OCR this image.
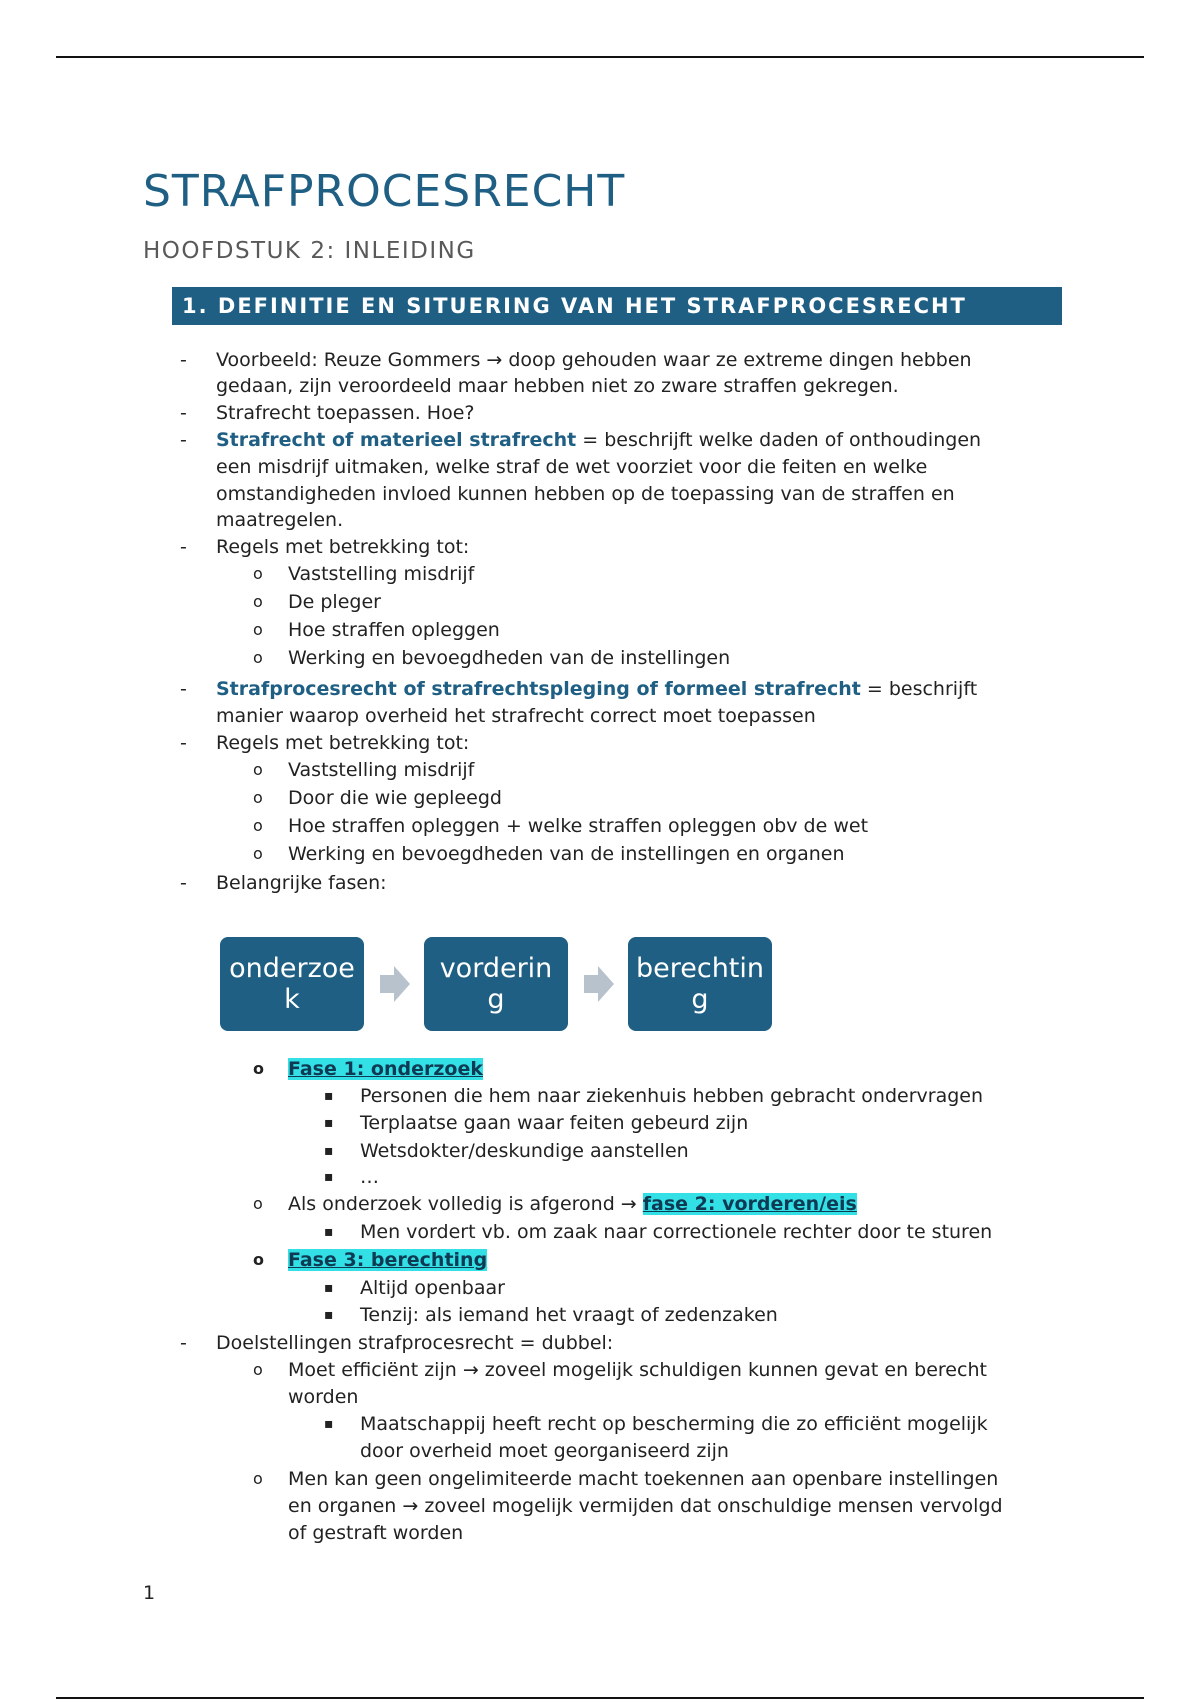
STRAFPROCESRECHT
HOOFDSTUK 2: INLEIDING
1. DEFINITIE EN SITUERING VAN HET STRAFPROCESRECHT
- Voorbeeld: Reuze Gommers → doop gehouden waar ze extreme dingen hebben
gedaan, zijn veroordeeld maar hebben niet zo zware straffen gekregen.
- Strafrecht toepassen. Hoe?
- Strafrecht of materieel strafrecht = beschrijft welke daden of onthoudingen
een misdrijf uitmaken, welke straf de wet voorziet voor die feiten en welke
omstandigheden invloed kunnen hebben op de toepassing van de straffen en
maatregelen.
- Regels met betrekking tot:
o Vaststelling misdrijf
o De pleger
o Hoe straffen opleggen
o Werking en bevoegdheden van de instellingen
- Strafprocesrecht of strafrechtspleging of formeel strafrecht = beschrijft
manier waarop overheid het strafrecht correct moet toepassen
- Regels met betrekking tot:
o Vaststelling misdrijf
o Door die wie gepleegd
o Hoe straffen opleggen + welke straffen opleggen obv de wet
o Werking en bevoegdheden van de instellingen en organen
- Belangrijke fasen:
onderzoe k
vorderin g
berechtin g
o Fase 1: onderzoek
▪ Personen die hem naar ziekenhuis hebben gebracht ondervragen
▪ Terplaatse gaan waar feiten gebeurd zijn
▪ Wetsdokter/deskundige aanstellen
▪ …
o Als onderzoek volledig is afgerond → fase 2: vorderen/eis
▪ Men vordert vb. om zaak naar correctionele rechter door te sturen
o Fase 3: berechting
▪ Altijd openbaar
▪ Tenzij: als iemand het vraagt of zedenzaken
- Doelstellingen strafprocesrecht = dubbel:
o Moet efficiënt zijn → zoveel mogelijk schuldigen kunnen gevat en berecht
worden
▪ Maatschappij heeft recht op bescherming die zo efficiënt mogelijk
door overheid moet georganiseerd zijn
o Men kan geen ongelimiteerde macht toekennen aan openbare instellingen
en organen → zoveel mogelijk vermijden dat onschuldige mensen vervolgd
of gestraft worden
1
